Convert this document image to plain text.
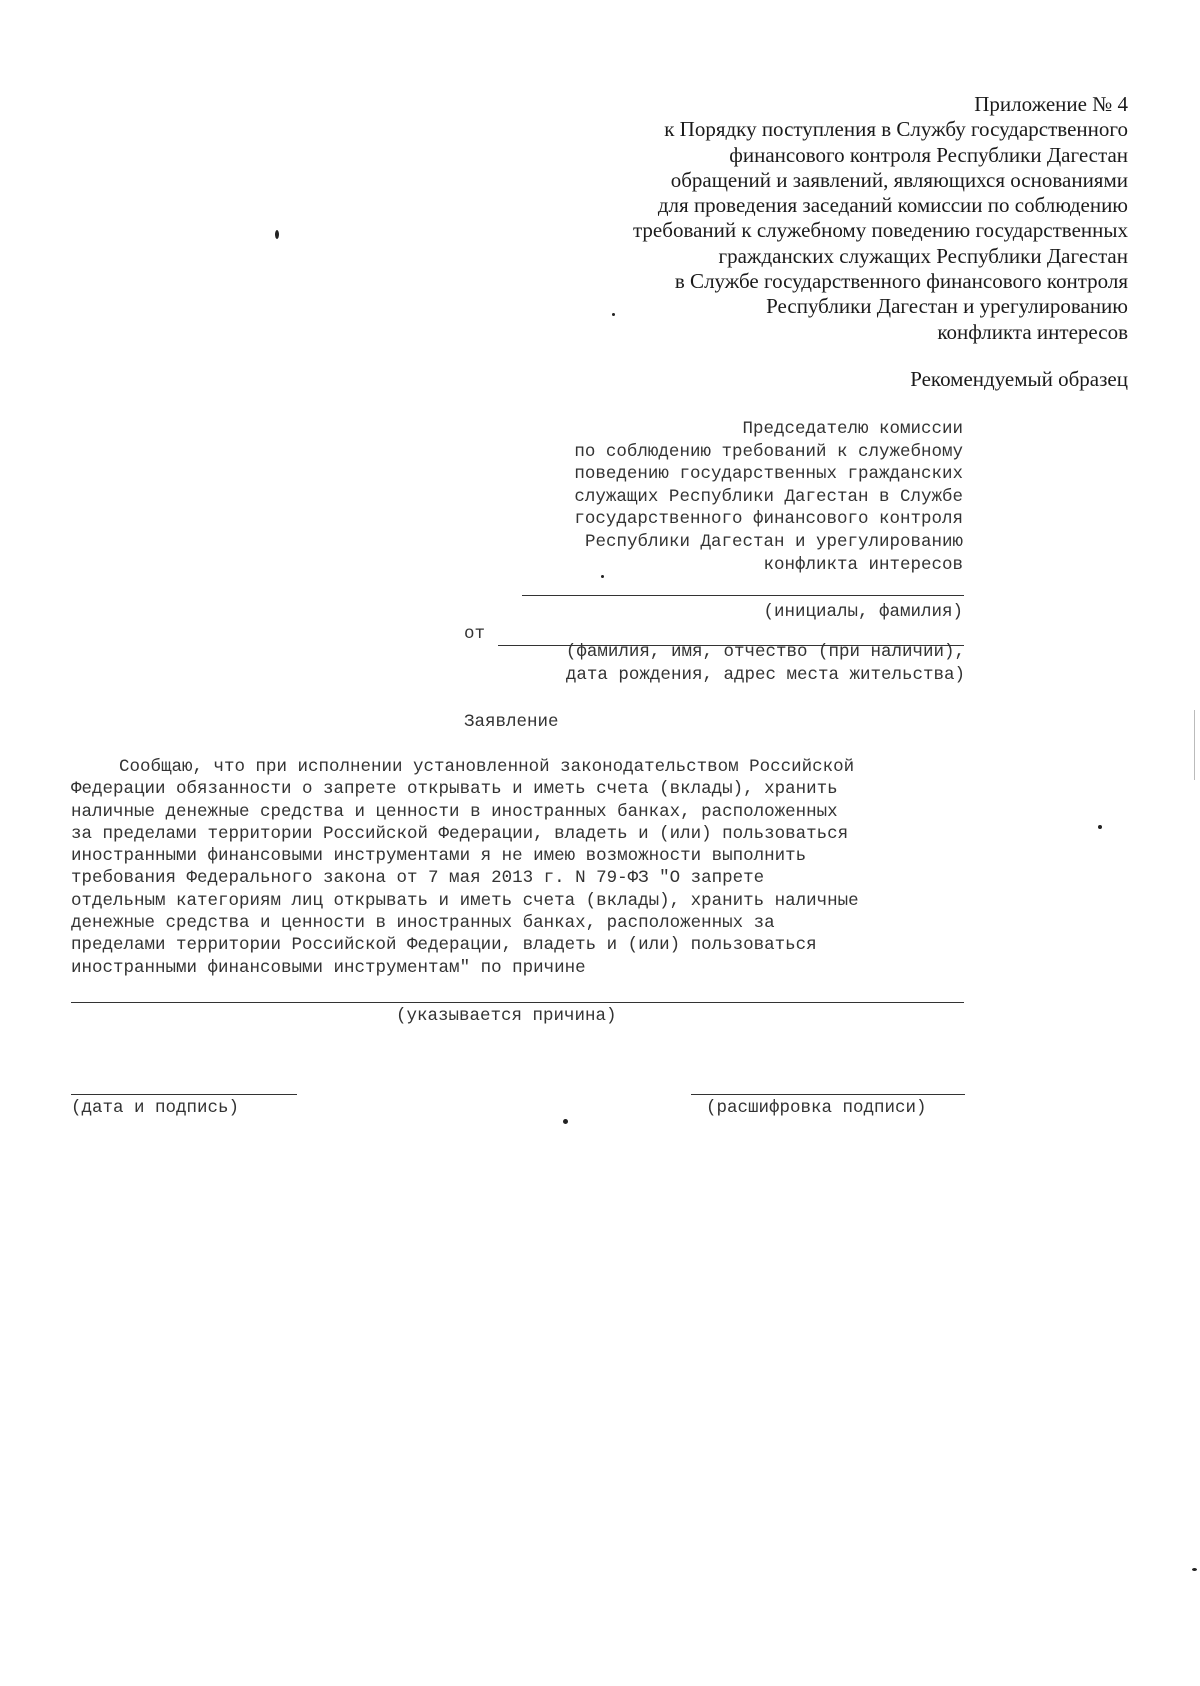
Приложение № 4
к Порядку поступления в Службу государственного
финансового контроля Республики Дагестан
обращений и заявлений, являющихся основаниями
для проведения заседаний комиссии по соблюдению
требований к служебному поведению государственных
гражданских служащих Республики Дагестан
в Службе государственного финансового контроля
Республики Дагестан и урегулированию
конфликта интересов
Рекомендуемый образец
Председателю комиссии
по соблюдению требований к служебному
поведению государственных гражданских
служащих Республики Дагестан в Службе
государственного финансового контроля
Республики Дагестан и урегулированию
конфликта интересов
(инициалы, фамилия)
от
(фамилия, имя, отчество (при наличии),
дата рождения, адрес места жительства)
Заявление
Сообщаю, что при исполнении установленной законодательством Российской
Федерации обязанности о запрете открывать и иметь счета (вклады), хранить
наличные денежные средства и ценности в иностранных банках, расположенных
за пределами территории Российской Федерации, владеть и (или) пользоваться
иностранными финансовыми инструментами я не имею возможности выполнить
требования Федерального закона от 7 мая 2013 г. N 79-ФЗ "О запрете
отдельным категориям лиц открывать и иметь счета (вклады), хранить наличные
денежные средства и ценности в иностранных банках, расположенных за
пределами территории Российской Федерации, владеть и (или) пользоваться
иностранными финансовыми инструментам" по причине
(указывается причина)
(дата и подпись)	(расшифровка подписи)
